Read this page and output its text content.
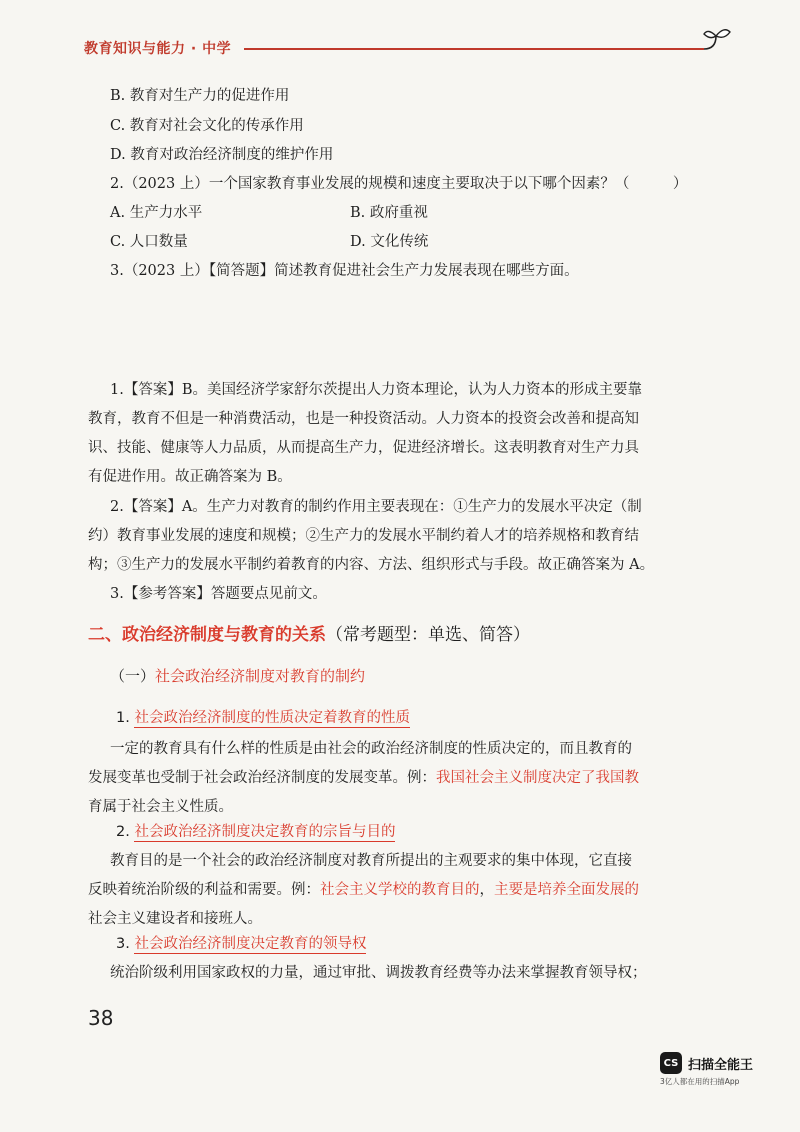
教育知识与能力 · 中学
B. 教育对生产力的促进作用
C. 教育对社会文化的传承作用
D. 教育对政治经济制度的维护作用
2.（2023 上）一个国家教育事业发展的规模和速度主要取决于以下哪个因素？（　　　）
A. 生产力水平	B. 政府重视
C. 人口数量	D. 文化传统
3.（2023 上）【简答题】简述教育促进社会生产力发展表现在哪些方面。
1.【答案】B。美国经济学家舒尔茨提出人力资本理论，认为人力资本的形成主要靠
教育，教育不但是一种消费活动，也是一种投资活动。人力资本的投资会改善和提高知
识、技能、健康等人力品质，从而提高生产力，促进经济增长。这表明教育对生产力具
有促进作用。故正确答案为 B。
2.【答案】A。生产力对教育的制约作用主要表现在：①生产力的发展水平决定（制
约）教育事业发展的速度和规模；②生产力的发展水平制约着人才的培养规格和教育结
构；③生产力的发展水平制约着教育的内容、方法、组织形式与手段。故正确答案为 A。
3.【参考答案】答题要点见前文。
二、政治经济制度与教育的关系（常考题型：单选、简答）
（一）社会政治经济制度对教育的制约
1. 社会政治经济制度的性质决定着教育的性质
一定的教育具有什么样的性质是由社会的政治经济制度的性质决定的，而且教育的
发展变革也受制于社会政治经济制度的发展变革。例：我国社会主义制度决定了我国教
育属于社会主义性质。
2. 社会政治经济制度决定教育的宗旨与目的
教育目的是一个社会的政治经济制度对教育所提出的主观要求的集中体现，它直接
反映着统治阶级的利益和需要。例：社会主义学校的教育目的，主要是培养全面发展的
社会主义建设者和接班人。
3. 社会政治经济制度决定教育的领导权
统治阶级利用国家政权的力量，通过审批、调拨教育经费等办法来掌握教育领导权；
38
CS 扫描全能王
3亿人都在用的扫描App
